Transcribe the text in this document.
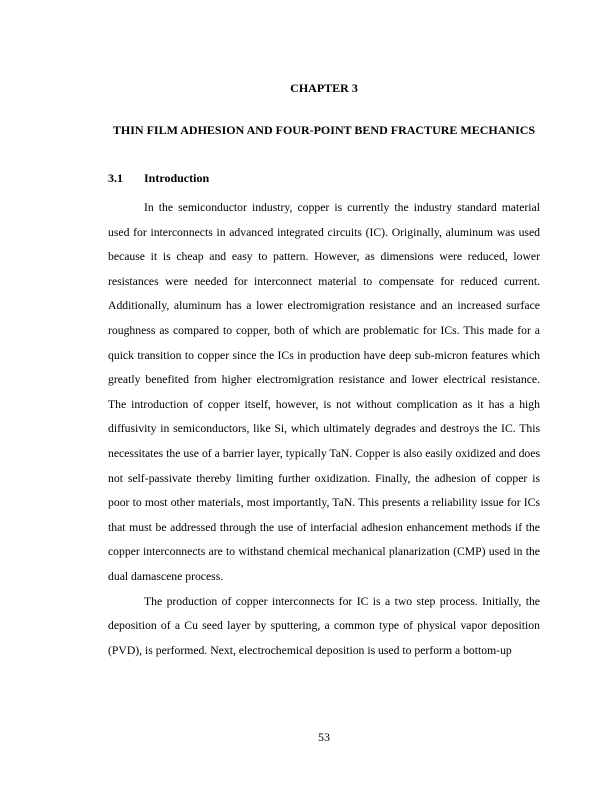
CHAPTER 3
THIN FILM ADHESION AND FOUR-POINT BEND FRACTURE MECHANICS
3.1 Introduction

In the semiconductor industry, copper is currently the industry standard material used for interconnects in advanced integrated circuits (IC). Originally, aluminum was used because it is cheap and easy to pattern. However, as dimensions were reduced, lower resistances were needed for interconnect material to compensate for reduced current. Additionally, aluminum has a lower electromigration resistance and an increased surface roughness as compared to copper, both of which are problematic for ICs. This made for a quick transition to copper since the ICs in production have deep sub-micron features which greatly benefited from higher electromigration resistance and lower electrical resistance. The introduction of copper itself, however, is not without complication as it has a high diffusivity in semiconductors, like Si, which ultimately degrades and destroys the IC. This necessitates the use of a barrier layer, typically TaN. Copper is also easily oxidized and does not self-passivate thereby limiting further oxidization. Finally, the adhesion of copper is poor to most other materials, most importantly, TaN. This presents a reliability issue for ICs that must be addressed through the use of interfacial adhesion enhancement methods if the copper interconnects are to withstand chemical mechanical planarization (CMP) used in the dual damascene process.

The production of copper interconnects for IC is a two step process. Initially, the deposition of a Cu seed layer by sputtering, a common type of physical vapor deposition (PVD), is performed. Next, electrochemical deposition is used to perform a bottom-up

53
